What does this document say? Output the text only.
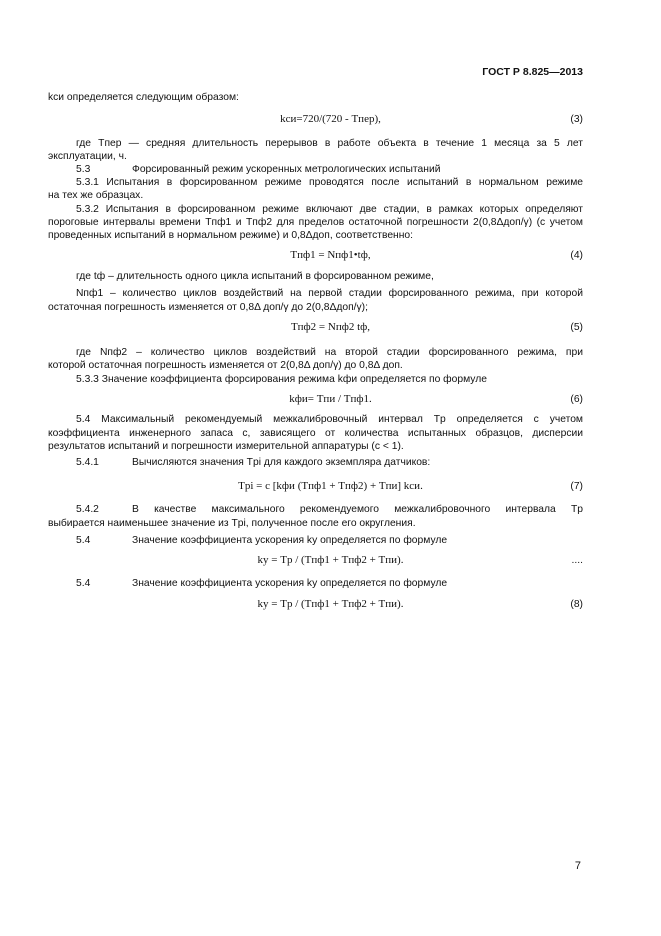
ГОСТ Р 8.825—2013
kси определяется следующим образом:
kси=720/(720 - Tпер),	(3)
где Tпер — средняя длительность перерывов в работе объекта в течение 1 месяца за 5 лет
эксплуатации, ч.
5.3	Форсированный режим ускоренных метрологических испытаний
5.3.1 Испытания в форсированном режиме проводятся после испытаний в нормальном режиме
на тех же образцах.
5.3.2 Испытания в форсированном режиме включают две стадии, в рамках которых определяют
пороговые интервалы времени Tпф1 и Tпф2 для пределов остаточной погрешности 2(0,8Δдоп/γ) (с учетом
проведенных испытаний в нормальном режиме) и 0,8Δдоп, соответственно:
Tпф1 = Nпф1•tф,	(4)
где tф – длительность одного цикла испытаний в форсированном режиме,
Nпф1 – количество циклов воздействий на первой стадии форсированного режима, при которой
остаточная погрешность изменяется от 0,8Δ доп/γ до 2(0,8Δдоп/γ);
Tпф2 = Nпф2 tф,	(5)
где Nпф2 – количество циклов воздействий на второй стадии форсированного режима, при
которой остаточная погрешность изменяется от 2(0,8Δ доп/γ) до 0,8Δ доп.
5.3.3 Значение коэффициента форсирования режима kфи определяется по формуле
kфи= Tпи / Tпф1.	(6)
5.4 Максимальный рекомендуемый межкалибровочный интервал Tр определяется с учетом
коэффициента инженерного запаса c, зависящего от количества испытанных образцов, дисперсии
результатов испытаний и погрешности измерительной аппаратуры (c < 1).
5.4.1	Вычисляются значения Tрi для каждого экземпляра датчиков:
Tрi = c [kфи (Tпф1 + Tпф2) + Tпи] kси.	(7)
5.4.2	В качестве максимального рекомендуемого межкалибровочного интервала Tр
выбирается наименьшее значение из Tрi, полученное после его округления.
5.4	Значение коэффициента ускорения kу определяется по формуле
kу = Tр / (Tпф1 + Tпф2 + Tпи).	....
5.4	Значение коэффициента ускорения kу определяется по формуле
kу = Tр / (Tпф1 + Tпф2 + Tпи).	(8)
7
